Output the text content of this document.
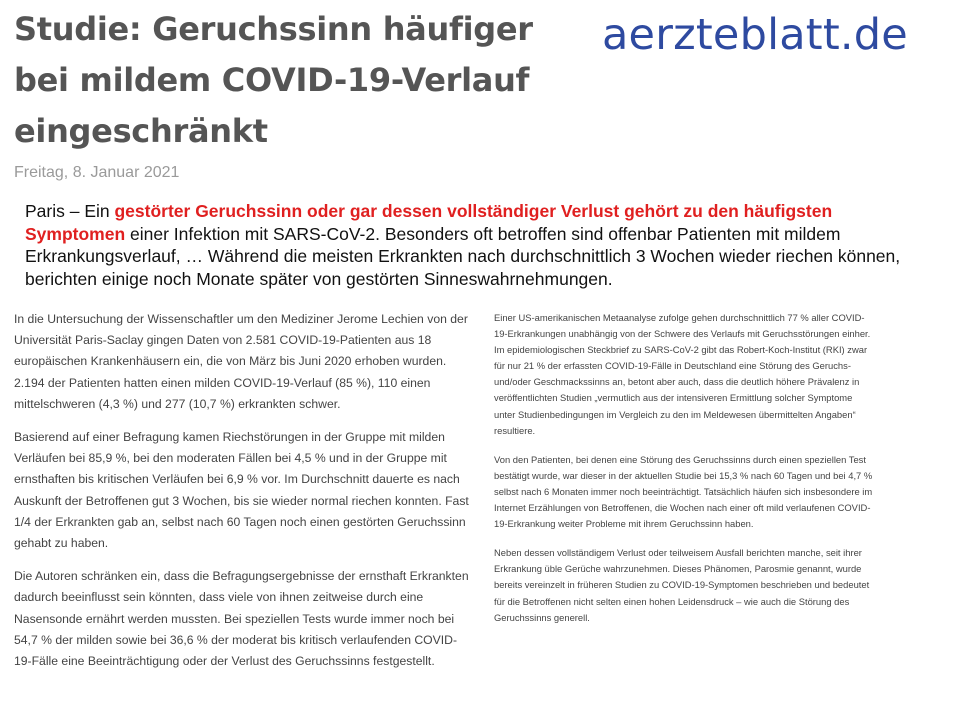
Studie: Geruchssinn häufiger bei mildem COVID-19-Verlauf eingeschränkt
aerzteblatt.de
Freitag, 8. Januar 2021

Paris – Ein gestörter Geruchssinn oder gar dessen vollständiger Verlust gehört zu den häufigsten Symptomen einer Infektion mit SARS-CoV-2. Besonders oft betroffen sind offenbar Patienten mit mildem Erkrankungsverlauf, … Während die meisten Erkrankten nach durchschnittlich 3 Wochen wieder riechen können, berichten einige noch Monate später von gestörten Sinneswahrnehmungen.

In die Untersuchung der Wissenschaftler um den Mediziner Jerome Lechien von der Universität Paris-Saclay gingen Daten von 2.581 COVID-19-Patienten aus 18 europäischen Krankenhäusern ein, die von März bis Juni 2020 erhoben wurden. 2.194 der Patienten hatten einen milden COVID-19-Verlauf (85 %), 110 einen mittelschweren (4,3 %) und 277 (10,7 %) erkrankten schwer.

Basierend auf einer Befragung kamen Riechstörungen in der Gruppe mit milden Verläufen bei 85,9 %, bei den moderaten Fällen bei 4,5 % und in der Gruppe mit ernsthaften bis kritischen Verläufen bei 6,9 % vor. Im Durchschnitt dauerte es nach Auskunft der Betroffenen gut 3 Wochen, bis sie wieder normal riechen konnten. Fast 1/4 der Erkrankten gab an, selbst nach 60 Tagen noch einen gestörten Geruchssinn gehabt zu haben.

Die Autoren schränken ein, dass die Befragungsergebnisse der ernsthaft Erkrankten dadurch beeinflusst sein könnten, dass viele von ihnen zeitweise durch eine Nasensonde ernährt werden mussten. Bei speziellen Tests wurde immer noch bei 54,7 % der milden sowie bei 36,6 % der moderat bis kritisch verlaufenden COVID-19-Fälle eine Beeinträchtigung oder der Verlust des Geruchssinns festgestellt.

Einer US-amerikanischen Metaanalyse zufolge gehen durchschnittlich 77 % aller COVID-19-Erkrankungen unabhängig von der Schwere des Verlaufs mit Geruchsstörungen einher. Im epidemiologischen Steckbrief zu SARS-CoV-2 gibt das Robert-Koch-Institut (RKI) zwar für nur 21 % der erfassten COVID-19-Fälle in Deutschland eine Störung des Geruchs- und/oder Geschmackssinns an, betont aber auch, dass die deutlich höhere Prävalenz in veröffentlichten Studien „vermutlich aus der intensiveren Ermittlung solcher Symptome unter Studienbedingungen im Vergleich zu den im Meldewesen übermittelten Angaben“ resultiere.

Von den Patienten, bei denen eine Störung des Geruchssinns durch einen speziellen Test bestätigt wurde, war dieser in der aktuellen Studie bei 15,3 % nach 60 Tagen und bei 4,7 % selbst nach 6 Monaten immer noch beeinträchtigt. Tatsächlich häufen sich insbesondere im Internet Erzählungen von Betroffenen, die Wochen nach einer oft mild verlaufenen COVID-19-Erkrankung weiter Probleme mit ihrem Geruchssinn haben.

Neben dessen vollständigem Verlust oder teilweisem Ausfall berichten manche, seit ihrer Erkrankung üble Gerüche wahrzunehmen. Dieses Phänomen, Parosmie genannt, wurde bereits vereinzelt in früheren Studien zu COVID-19-Symptomen beschrieben und bedeutet für die Betroffenen nicht selten einen hohen Leidensdruck – wie auch die Störung des Geruchssinns generell.
